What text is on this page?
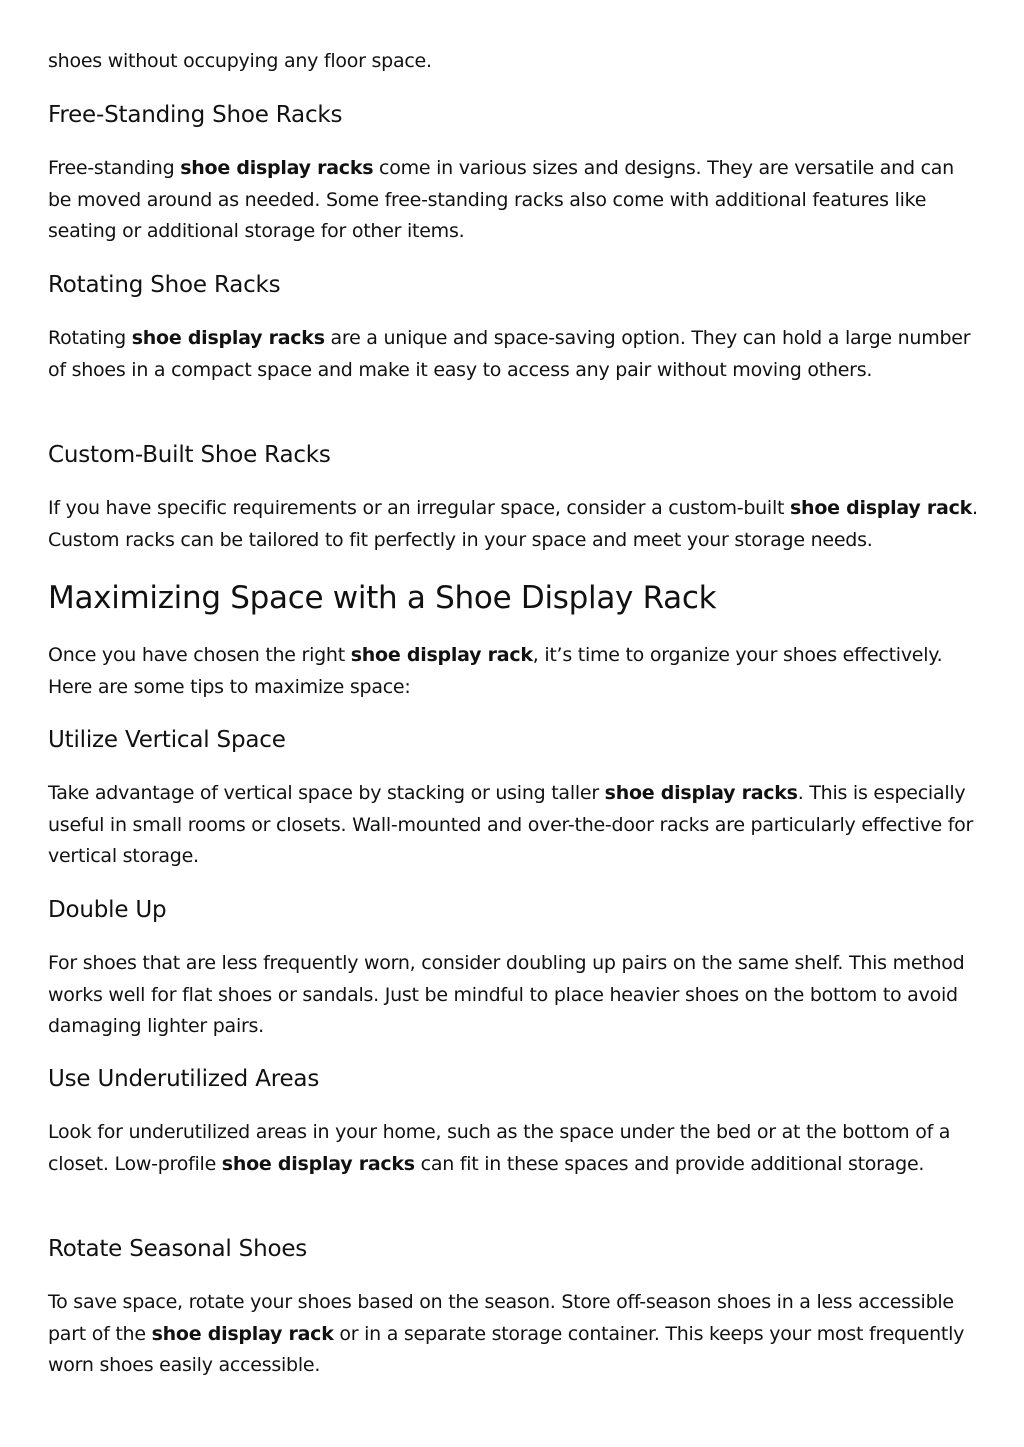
shoes without occupying any floor space.

Free-Standing Shoe Racks

Free-standing shoe display racks come in various sizes and designs. They are versatile and can be moved around as needed. Some free-standing racks also come with additional features like seating or additional storage for other items.

Rotating Shoe Racks

Rotating shoe display racks are a unique and space-saving option. They can hold a large number of shoes in a compact space and make it easy to access any pair without moving others.

Custom-Built Shoe Racks

If you have specific requirements or an irregular space, consider a custom-built shoe display rack. Custom racks can be tailored to fit perfectly in your space and meet your storage needs.

Maximizing Space with a Shoe Display Rack

Once you have chosen the right shoe display rack, it’s time to organize your shoes effectively. Here are some tips to maximize space:

Utilize Vertical Space

Take advantage of vertical space by stacking or using taller shoe display racks. This is especially useful in small rooms or closets. Wall-mounted and over-the-door racks are particularly effective for vertical storage.

Double Up

For shoes that are less frequently worn, consider doubling up pairs on the same shelf. This method works well for flat shoes or sandals. Just be mindful to place heavier shoes on the bottom to avoid damaging lighter pairs.

Use Underutilized Areas

Look for underutilized areas in your home, such as the space under the bed or at the bottom of a closet. Low-profile shoe display racks can fit in these spaces and provide additional storage.

Rotate Seasonal Shoes

To save space, rotate your shoes based on the season. Store off-season shoes in a less accessible part of the shoe display rack or in a separate storage container. This keeps your most frequently worn shoes easily accessible.
